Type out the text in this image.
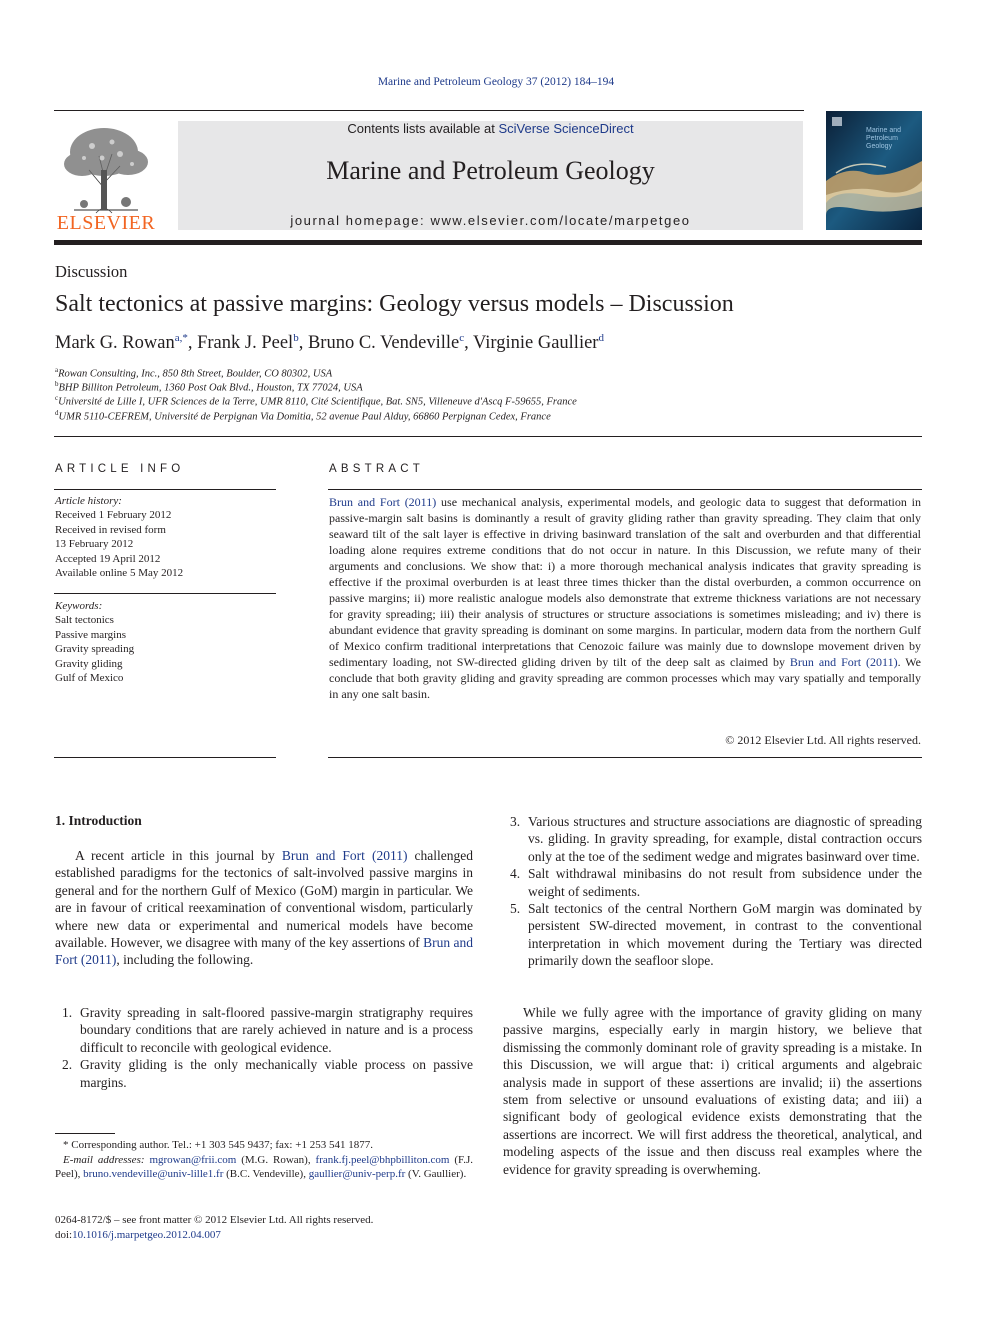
Marine and Petroleum Geology 37 (2012) 184–194
ELSEVIER
Contents lists available at SciVerse ScienceDirect
Marine and Petroleum Geology
journal homepage: www.elsevier.com/locate/marpetgeo
Marine and
Petroleum
Geology
Discussion
Salt tectonics at passive margins: Geology versus models – Discussion
Mark G. Rowan$^{a,*}$, Frank J. Peel$^b$, Bruno C. Vendeville$^c$, Virginie Gaullier$^d$
$^a$Rowan Consulting, Inc., 850 8th Street, Boulder, CO 80302, USA
$^b$BHP Billiton Petroleum, 1360 Post Oak Blvd., Houston, TX 77024, USA
$^c$Université de Lille I, UFR Sciences de la Terre, UMR 8110, Cité Scientifique, Bat. SN5, Villeneuve d'Ascq F-59655, France
$^d$UMR 5110-CEFREM, Université de Perpignan Via Domitia, 52 avenue Paul Alduy, 66860 Perpignan Cedex, France
ARTICLE INFO
Article history:
Received 1 February 2012
Received in revised form
13 February 2012
Accepted 19 April 2012
Available online 5 May 2012
Keywords:
Salt tectonics
Passive margins
Gravity spreading
Gravity gliding
Gulf of Mexico
ABSTRACT
Brun and Fort (2011) use mechanical analysis, experimental models, and geologic data to suggest that deformation in passive-margin salt basins is dominantly a result of gravity gliding rather than gravity spreading. They claim that only seaward tilt of the salt layer is effective in driving basinward translation of the salt and overburden and that differential loading alone requires extreme conditions that do not occur in nature. In this Discussion, we refute many of their arguments and conclusions. We show that: i) a more thorough mechanical analysis indicates that gravity spreading is effective if the proximal overburden is at least three times thicker than the distal overburden, a common occurrence on passive margins; ii) more realistic analogue models also demonstrate that extreme thickness variations are not necessary for gravity spreading; iii) their analysis of structures or structure associations is sometimes misleading; and iv) there is abundant evidence that gravity spreading is dominant on some margins. In particular, modern data from the northern Gulf of Mexico confirm traditional interpretations that Cenozoic failure was mainly due to downslope movement driven by sedimentary loading, not SW-directed gliding driven by tilt of the deep salt as claimed by Brun and Fort (2011). We conclude that both gravity gliding and gravity spreading are common processes which may vary spatially and temporally in any one salt basin.
© 2012 Elsevier Ltd. All rights reserved.
1. Introduction
A recent article in this journal by Brun and Fort (2011) challenged established paradigms for the tectonics of salt-involved passive margins in general and for the northern Gulf of Mexico (GoM) margin in particular. We are in favour of critical reexamination of conventional wisdom, particularly where new data or experimental and numerical models have become available. However, we disagree with many of the key assertions of Brun and Fort (2011), including the following.
1. Gravity spreading in salt-floored passive-margin stratigraphy requires boundary conditions that are rarely achieved in nature and is a process difficult to reconcile with geological evidence.
2. Gravity gliding is the only mechanically viable process on passive margins.
3. Various structures and structure associations are diagnostic of spreading vs. gliding. In gravity spreading, for example, distal contraction occurs only at the toe of the sediment wedge and migrates basinward over time.
4. Salt withdrawal minibasins do not result from subsidence under the weight of sediments.
5. Salt tectonics of the central Northern GoM margin was dominated by persistent SW-directed movement, in contrast to the conventional interpretation in which movement during the Tertiary was directed primarily down the seafloor slope.
While we fully agree with the importance of gravity gliding on many passive margins, especially early in margin history, we believe that dismissing the commonly dominant role of gravity spreading is a mistake. In this Discussion, we will argue that: i) critical arguments and algebraic analysis made in support of these assertions are invalid; ii) the assertions stem from selective or unsound evaluations of existing data; and iii) a significant body of geological evidence exists demonstrating that the assertions are incorrect. We will first address the theoretical, analytical, and modeling aspects of the issue and then discuss real examples where the evidence for gravity spreading is overwheming.
* Corresponding author. Tel.: +1 303 545 9437; fax: +1 253 541 1877.
E-mail addresses: mgrowan@frii.com (M.G. Rowan), frank.fj.peel@bhpbilliton.com (F.J. Peel), bruno.vendeville@univ-lille1.fr (B.C. Vendeville), gaullier@univ-perp.fr (V. Gaullier).
0264-8172/$ – see front matter © 2012 Elsevier Ltd. All rights reserved.
doi:10.1016/j.marpetgeo.2012.04.007
